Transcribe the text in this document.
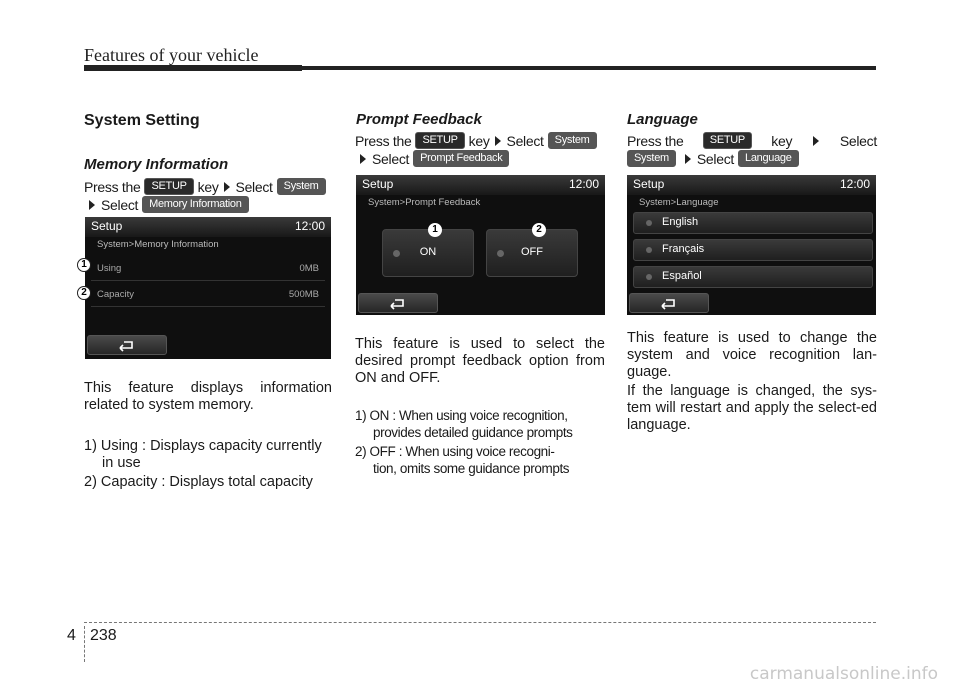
Features of your vehicle
System Setting
Memory Information
Press the	SETUP key Select	System
Select	Memory Information
Setup	12:00
System>Memory Information
Using	0MB
Capacity	500MB
1
2
This feature displays information related to system memory.
1) Using : Displays capacity currently
in use
2) Capacity : Displays total capacity
Prompt Feedback
Press the	SETUP key Select	System
Select	Prompt Feedback
Setup	12:00
System>Prompt Feedback
ON	OFF
1	2
This feature is used to select the desired prompt feedback option from ON and OFF.
1) ON : When using voice recognition,
provides detailed guidance prompts
2) OFF : When using voice recogni-
tion, omits some guidance prompts
Language
Press the	SETUP	key	Select
System	Select	Language
Setup	12:00
System>Language
English
Français
Español
This feature is used to change the system and voice recognition lan-guage.
If the language is changed, the sys-tem will restart and apply the select-ed language.
4 238
carmanualsonline.info
